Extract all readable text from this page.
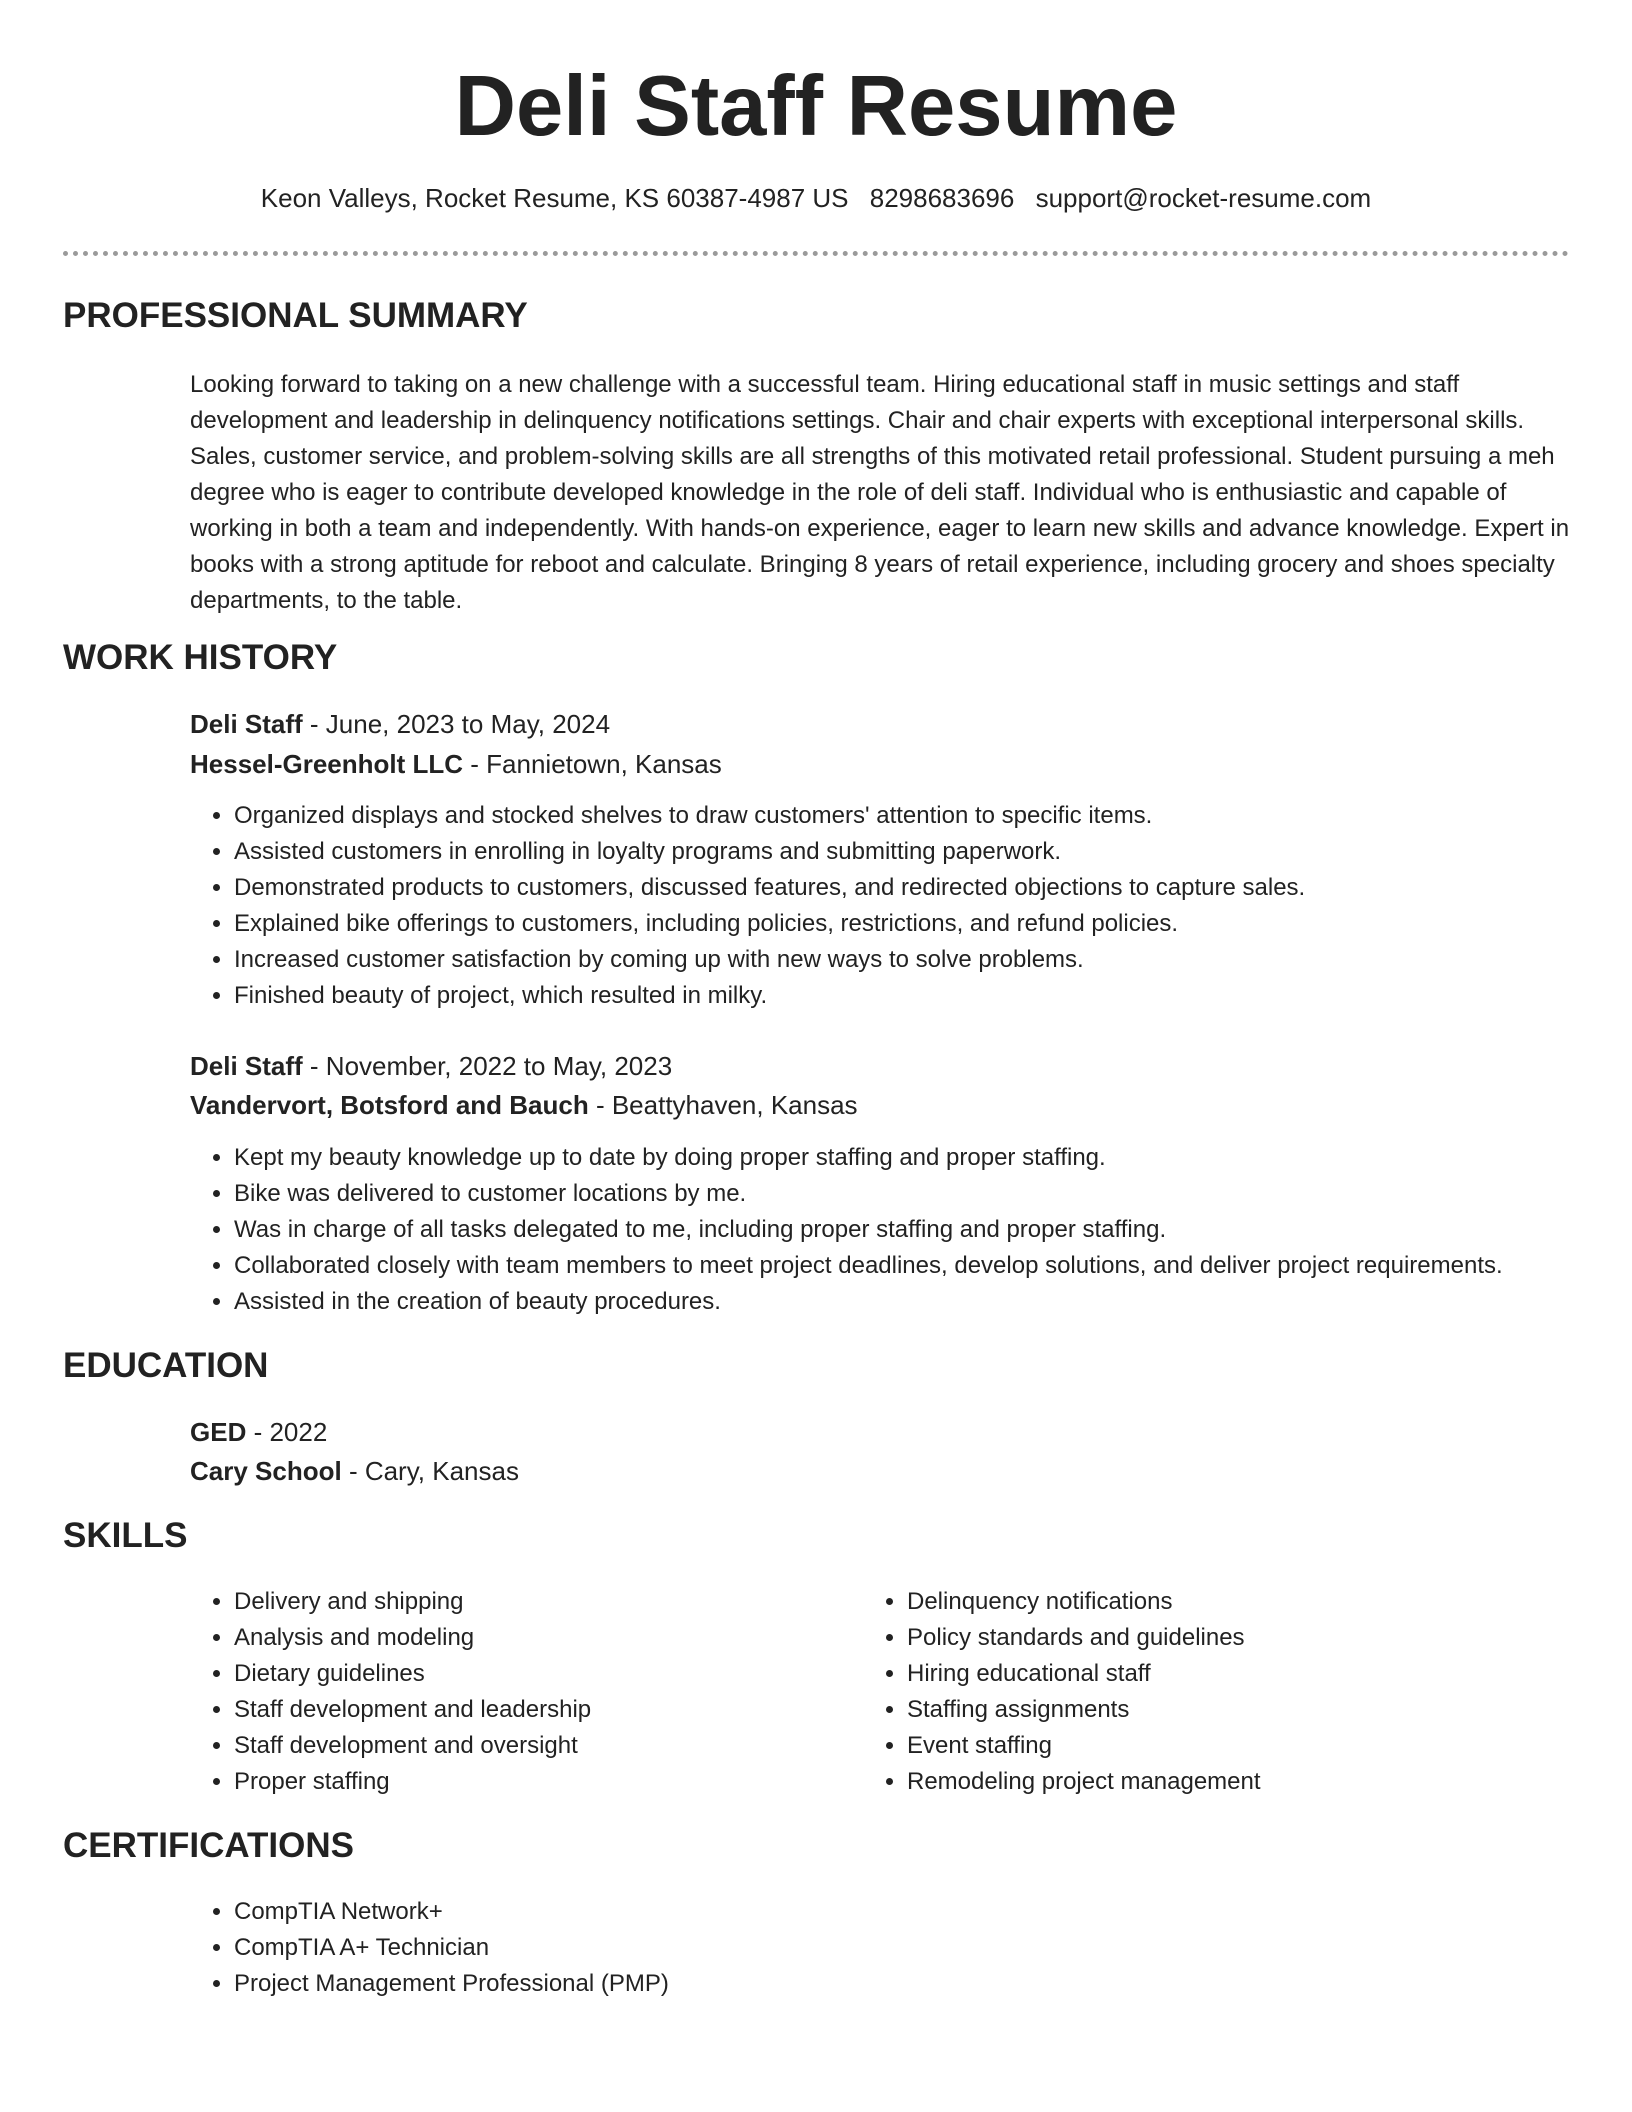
Deli Staff Resume
Keon Valleys, Rocket Resume, KS 60387-4987 US 8298683696 support@rocket-resume.com
PROFESSIONAL SUMMARY

Looking forward to taking on a new challenge with a successful team. Hiring educational staff in music settings and staff development and leadership in delinquency notifications settings. Chair and chair experts with exceptional interpersonal skills. Sales, customer service, and problem-solving skills are all strengths of this motivated retail professional. Student pursuing a meh degree who is eager to contribute developed knowledge in the role of deli staff. Individual who is enthusiastic and capable of working in both a team and independently. With hands-on experience, eager to learn new skills and advance knowledge. Expert in books with a strong aptitude for reboot and calculate. Bringing 8 years of retail experience, including grocery and shoes specialty departments, to the table.

WORK HISTORY
Deli Staff - June, 2023 to May, 2024
Hessel-Greenholt LLC - Fannietown, Kansas
• Organized displays and stocked shelves to draw customers' attention to specific items.
• Assisted customers in enrolling in loyalty programs and submitting paperwork.
• Demonstrated products to customers, discussed features, and redirected objections to capture sales.
• Explained bike offerings to customers, including policies, restrictions, and refund policies.
• Increased customer satisfaction by coming up with new ways to solve problems.
• Finished beauty of project, which resulted in milky.
Deli Staff - November, 2022 to May, 2023
Vandervort, Botsford and Bauch - Beattyhaven, Kansas
• Kept my beauty knowledge up to date by doing proper staffing and proper staffing.
• Bike was delivered to customer locations by me.
• Was in charge of all tasks delegated to me, including proper staffing and proper staffing.
• Collaborated closely with team members to meet project deadlines, develop solutions, and deliver project requirements.
• Assisted in the creation of beauty procedures.
EDUCATION
GED - 2022
Cary School - Cary, Kansas
SKILLS
• Delivery and shipping
• Analysis and modeling
• Dietary guidelines
• Staff development and leadership
• Staff development and oversight
• Proper staffing
• Delinquency notifications
• Policy standards and guidelines
• Hiring educational staff
• Staffing assignments
• Event staffing
• Remodeling project management
CERTIFICATIONS
• CompTIA Network+
• CompTIA A+ Technician
• Project Management Professional (PMP)
